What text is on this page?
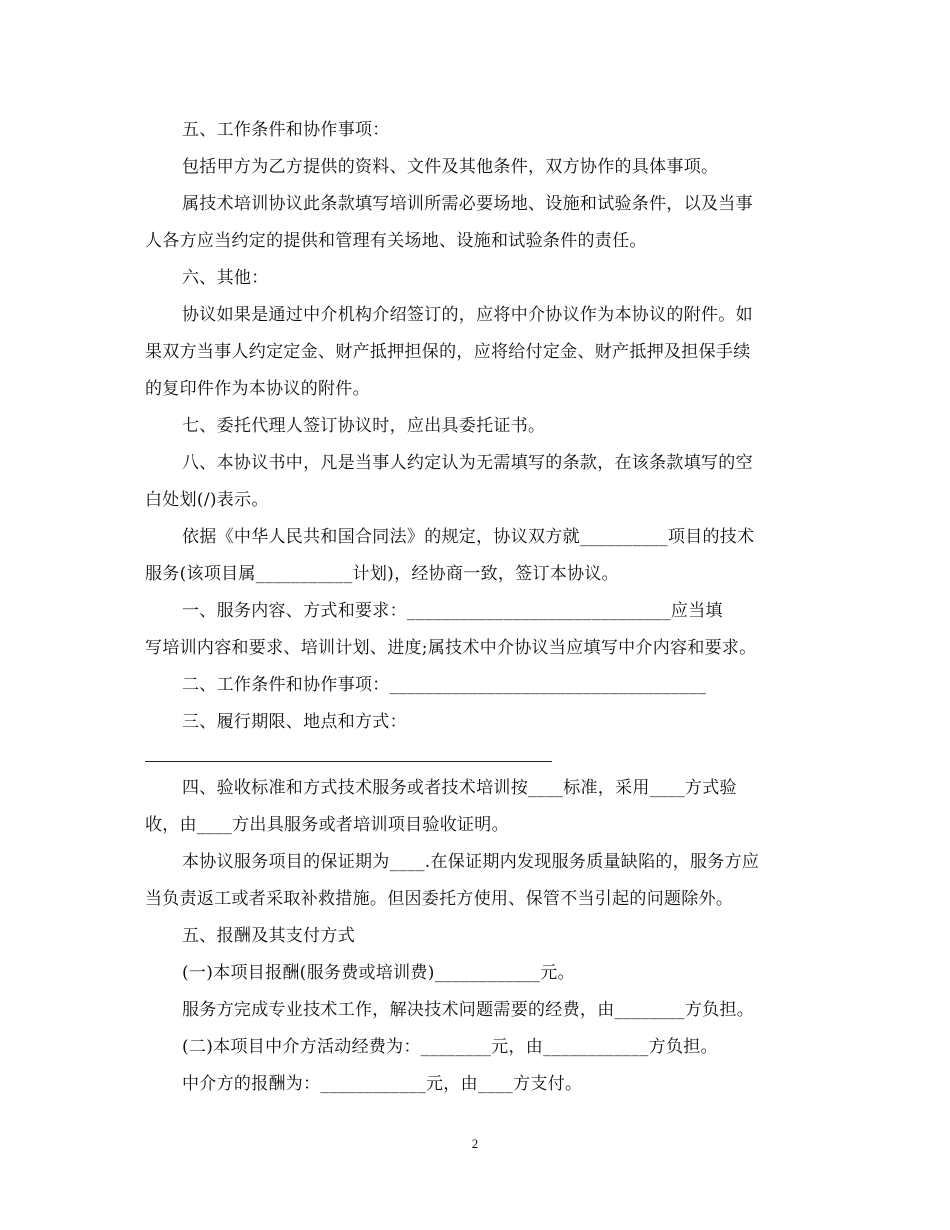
五、工作条件和协作事项：
包括甲方为乙方提供的资料、文件及其他条件，双方协作的具体事项。
属技术培训协议此条款填写培训所需必要场地、设施和试验条件，以及当事
人各方应当约定的提供和管理有关场地、设施和试验条件的责任。
六、其他：
协议如果是通过中介机构介绍签订的，应将中介协议作为本协议的附件。如
果双方当事人约定定金、财产抵押担保的，应将给付定金、财产抵押及担保手续
的复印件作为本协议的附件。
七、委托代理人签订协议时，应出具委托证书。
八、本协议书中，凡是当事人约定认为无需填写的条款，在该条款填写的空
白处划(/)表示。
依据《中华人民共和国合同法》的规定，协议双方就__________项目的技术
服务(该项目属___________计划)，经协商一致，签订本协议。
一、服务内容、方式和要求：______________________________应当填
写培训内容和要求、培训计划、进度;属技术中介协议当应填写中介内容和要求。
二、工作条件和协作事项：____________________________________
三、履行期限、地点和方式：
四、验收标准和方式技术服务或者技术培训按____标准，采用____方式验
收，由____方出具服务或者培训项目验收证明。
本协议服务项目的保证期为____.在保证期内发现服务质量缺陷的，服务方应
当负责返工或者采取补救措施。但因委托方使用、保管不当引起的问题除外。
五、报酬及其支付方式
(一)本项目报酬(服务费或培训费)____________元。
服务方完成专业技术工作，解决技术问题需要的经费，由________方负担。
(二)本项目中介方活动经费为：________元，由____________方负担。
中介方的报酬为：____________元，由____方支付。
2
